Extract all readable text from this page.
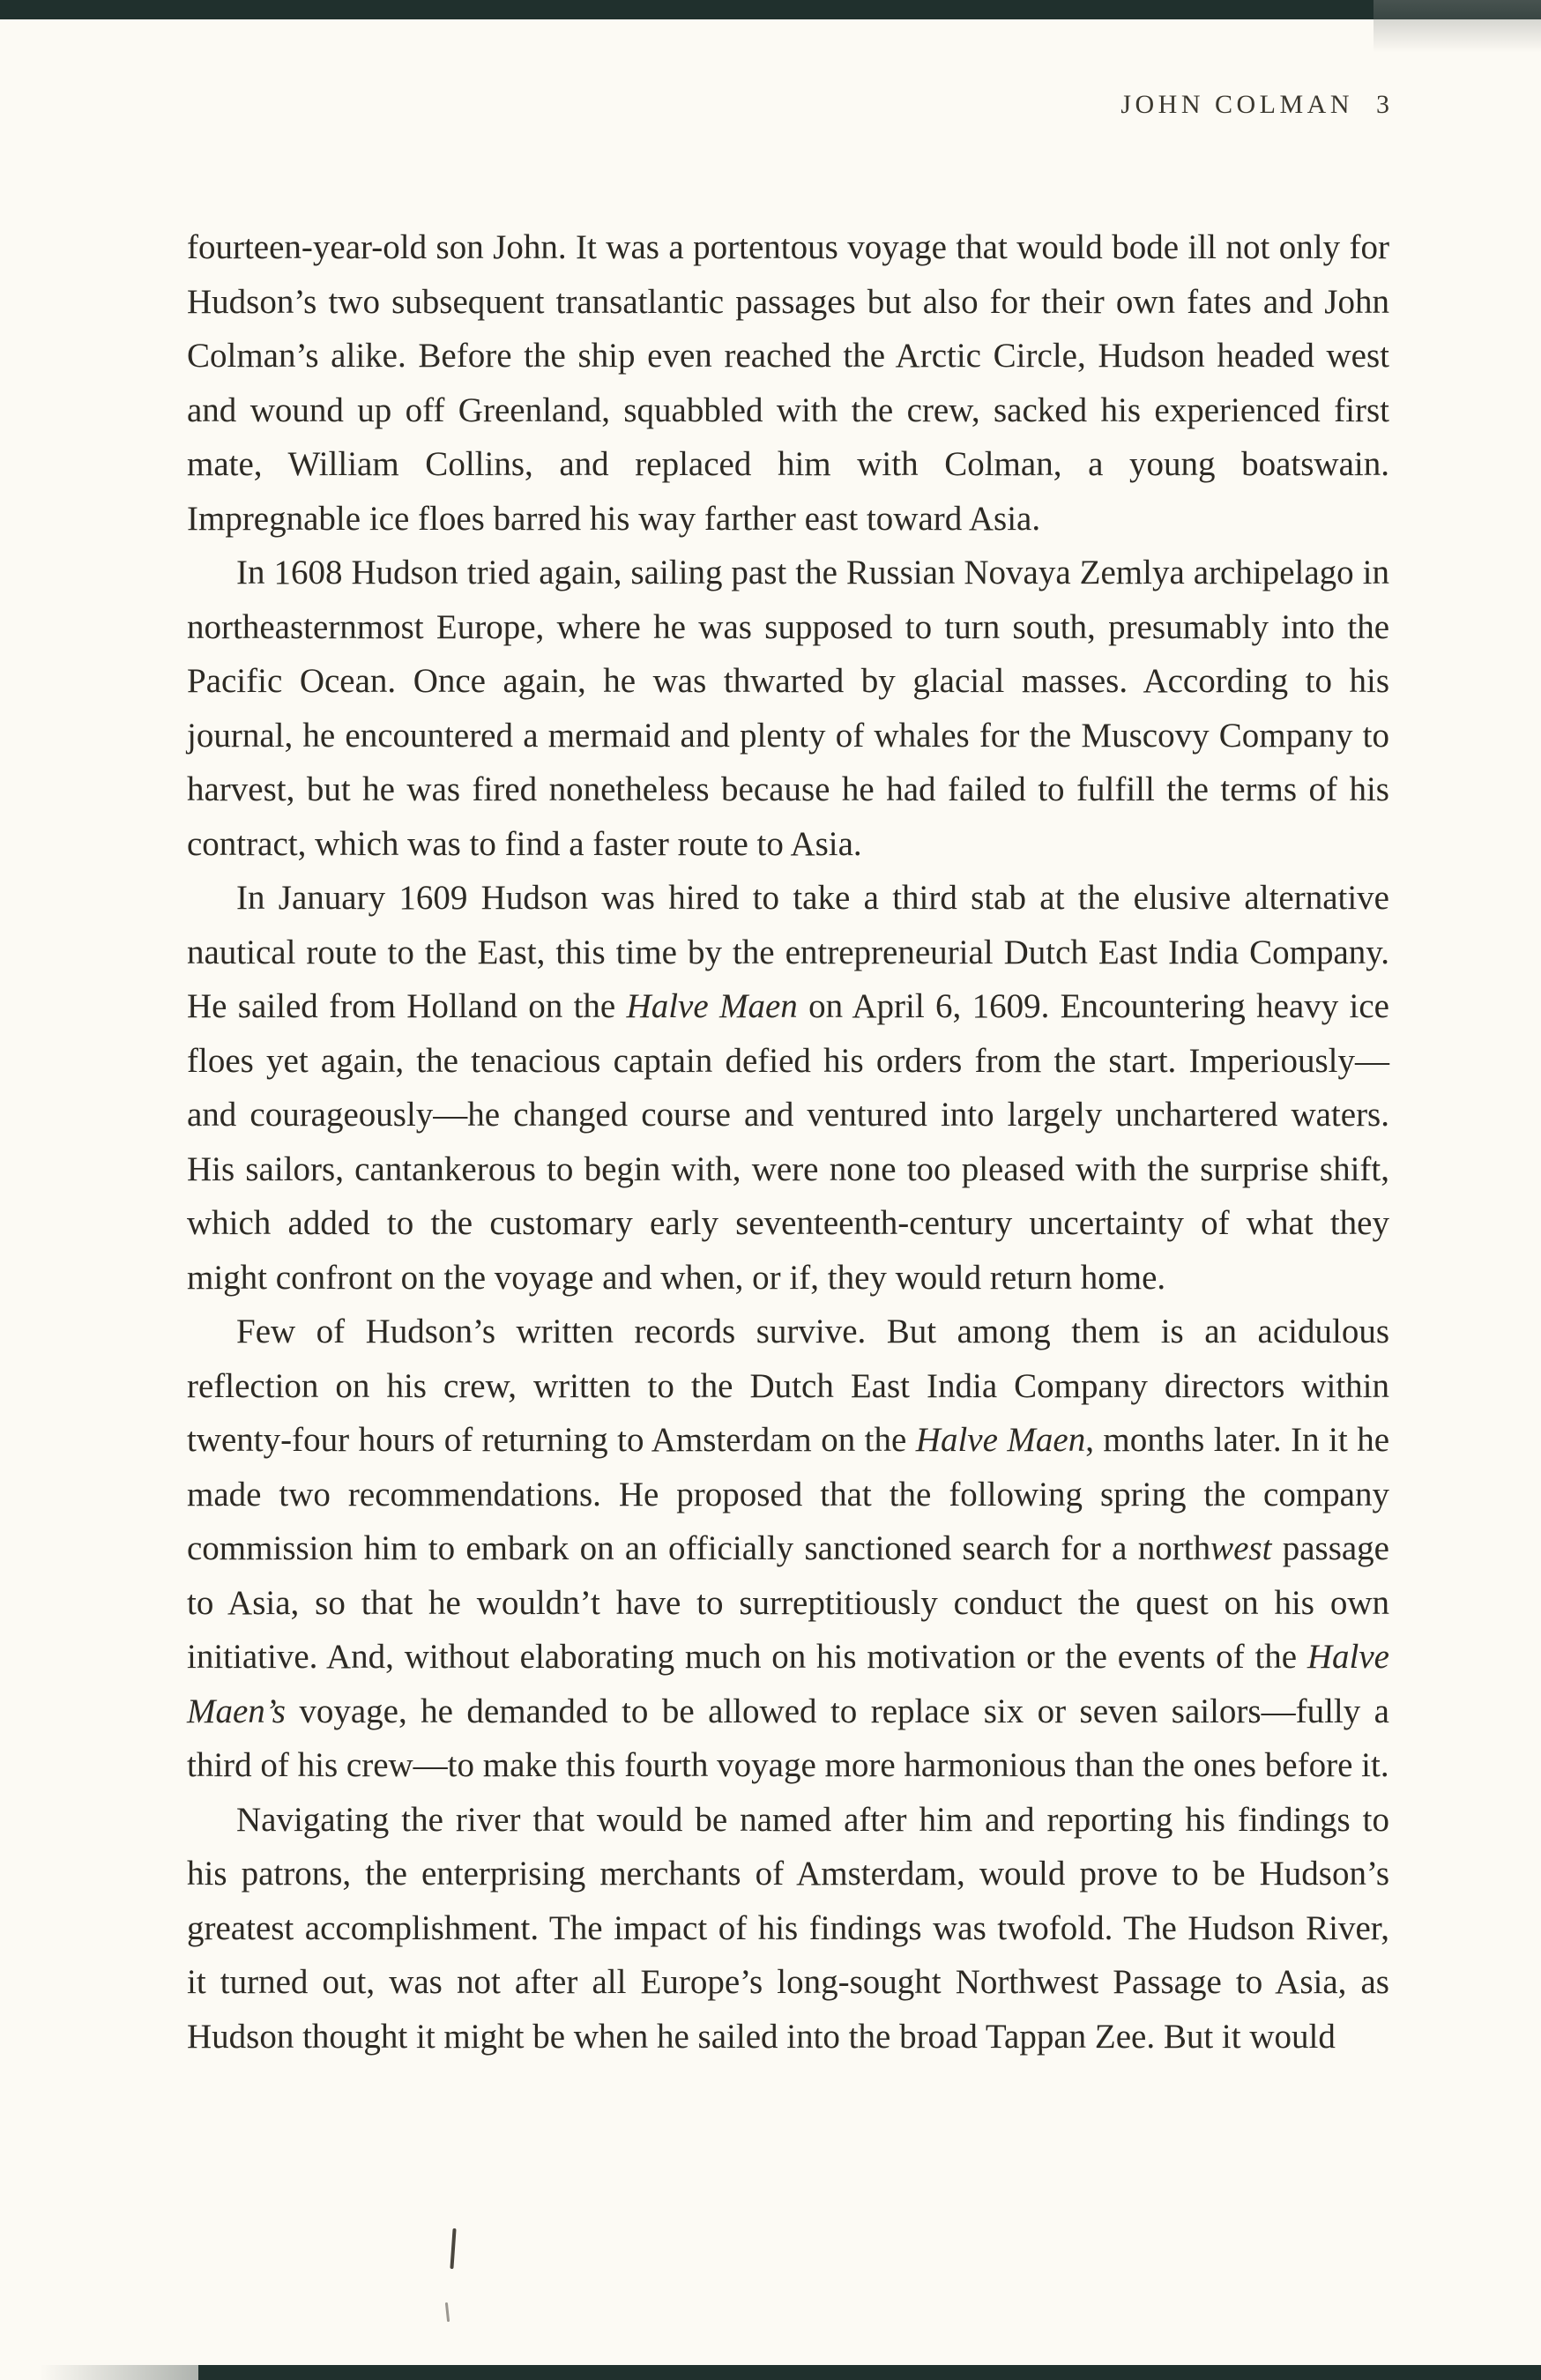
JOHN COLMAN 3

fourteen-year-old son John. It was a portentous voyage that would bode ill not only for Hudson’s two subsequent transatlantic passages but also for their own fates and John Colman’s alike. Before the ship even reached the Arctic Circle, Hudson headed west and wound up off Greenland, squabbled with the crew, sacked his experienced first mate, William Collins, and replaced him with Colman, a young boatswain. Impregnable ice floes barred his way farther east toward Asia.

In 1608 Hudson tried again, sailing past the Russian Novaya Zemlya archipelago in northeasternmost Europe, where he was supposed to turn south, presumably into the Pacific Ocean. Once again, he was thwarted by glacial masses. According to his journal, he encountered a mermaid and plenty of whales for the Muscovy Company to harvest, but he was fired nonetheless because he had failed to fulfill the terms of his contract, which was to find a faster route to Asia.

In January 1609 Hudson was hired to take a third stab at the elusive alternative nautical route to the East, this time by the entrepreneurial Dutch East India Company. He sailed from Holland on the Halve Maen on April 6, 1609. Encountering heavy ice floes yet again, the tenacious captain defied his orders from the start. Imperiously—and courageously—he changed course and ventured into largely unchartered waters. His sailors, cantankerous to begin with, were none too pleased with the surprise shift, which added to the customary early seventeenth-century uncertainty of what they might confront on the voyage and when, or if, they would return home.

Few of Hudson’s written records survive. But among them is an acidulous reflection on his crew, written to the Dutch East India Company directors within twenty-four hours of returning to Amsterdam on the Halve Maen, months later. In it he made two recommendations. He proposed that the following spring the company commission him to embark on an officially sanctioned search for a northwest passage to Asia, so that he wouldn’t have to surreptitiously conduct the quest on his own initiative. And, without elaborating much on his motivation or the events of the Halve Maen’s voyage, he demanded to be allowed to replace six or seven sailors—fully a third of his crew—to make this fourth voyage more harmonious than the ones before it.

Navigating the river that would be named after him and reporting his findings to his patrons, the enterprising merchants of Amsterdam, would prove to be Hudson’s greatest accomplishment. The impact of his findings was twofold. The Hudson River, it turned out, was not after all Europe’s long-sought Northwest Passage to Asia, as Hudson thought it might be when he sailed into the broad Tappan Zee. But it would
